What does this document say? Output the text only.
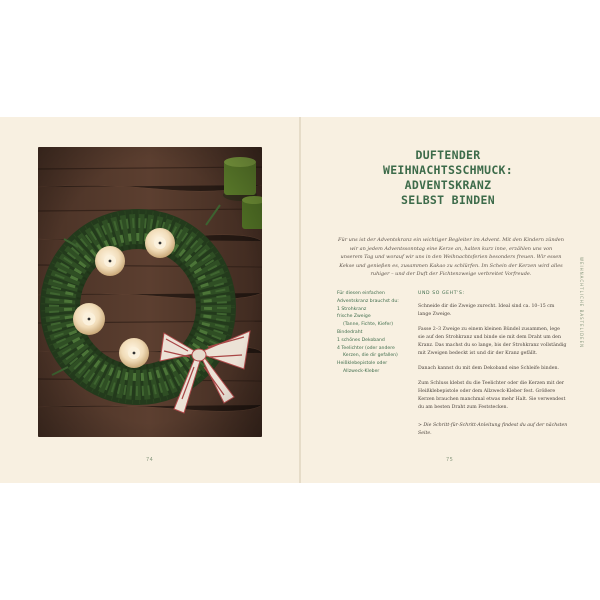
74
DUFTENDER
WEIHNACHTSSCHMUCK:
ADVENTSKRANZ
SELBST BINDEN
Für uns ist der Adventskranz ein wichtiger Begleiter im Advent. Mit den Kindern zünden wir an jedem Adventssonntag eine Kerze an, halten kurz inne, erzählen uns von unserem Tag und worauf wir uns in den Weihnachtsferien besonders freuen. Wir essen Kekse und genießen es, zusammen Kakao zu schlürfen. Im Schein der Kerzen wird alles ruhiger – und der Duft der Fichtenzweige verbreitet Vorfreude.
Für diesen einfachen Adventskranz brauchst du:
1 Strohkranz
frische Zweige
(Tanne, Fichte, Kiefer)
Bindedraht
1 schönes Dekoband
4 Teelichter (oder andere
Kerzen, die dir gefallen)
Heißklebepistole oder
Allzweck-Kleber
UND SO GEHT'S:

Schneide dir die Zweige zurecht. Ideal sind ca. 10–15 cm lange Zweige.

Fasse 2–3 Zweige zu einem kleinen Bündel zusammen, lege sie auf den Strohkranz und binde sie mit dem Draht um den Kranz. Das machst du so lange, bis der Strohkranz vollständig mit Zweigen bedeckt ist und dir der Kranz gefällt.

Danach kannst du mit dem Dekoband eine Schleife binden.

Zum Schluss klebst du die Teelichter oder die Kerzen mit der Heißklebepistole oder dem Allzweck-Kleber fest. Größere Kerzen brauchen manchmal etwas mehr Halt. Sie verwendest du am besten Draht zum Feststecken.

> Die Schritt-für-Schritt-Anleitung findest du auf der nächsten Seite.

WEIHNACHTLICHE BASTELIDEEN
75
